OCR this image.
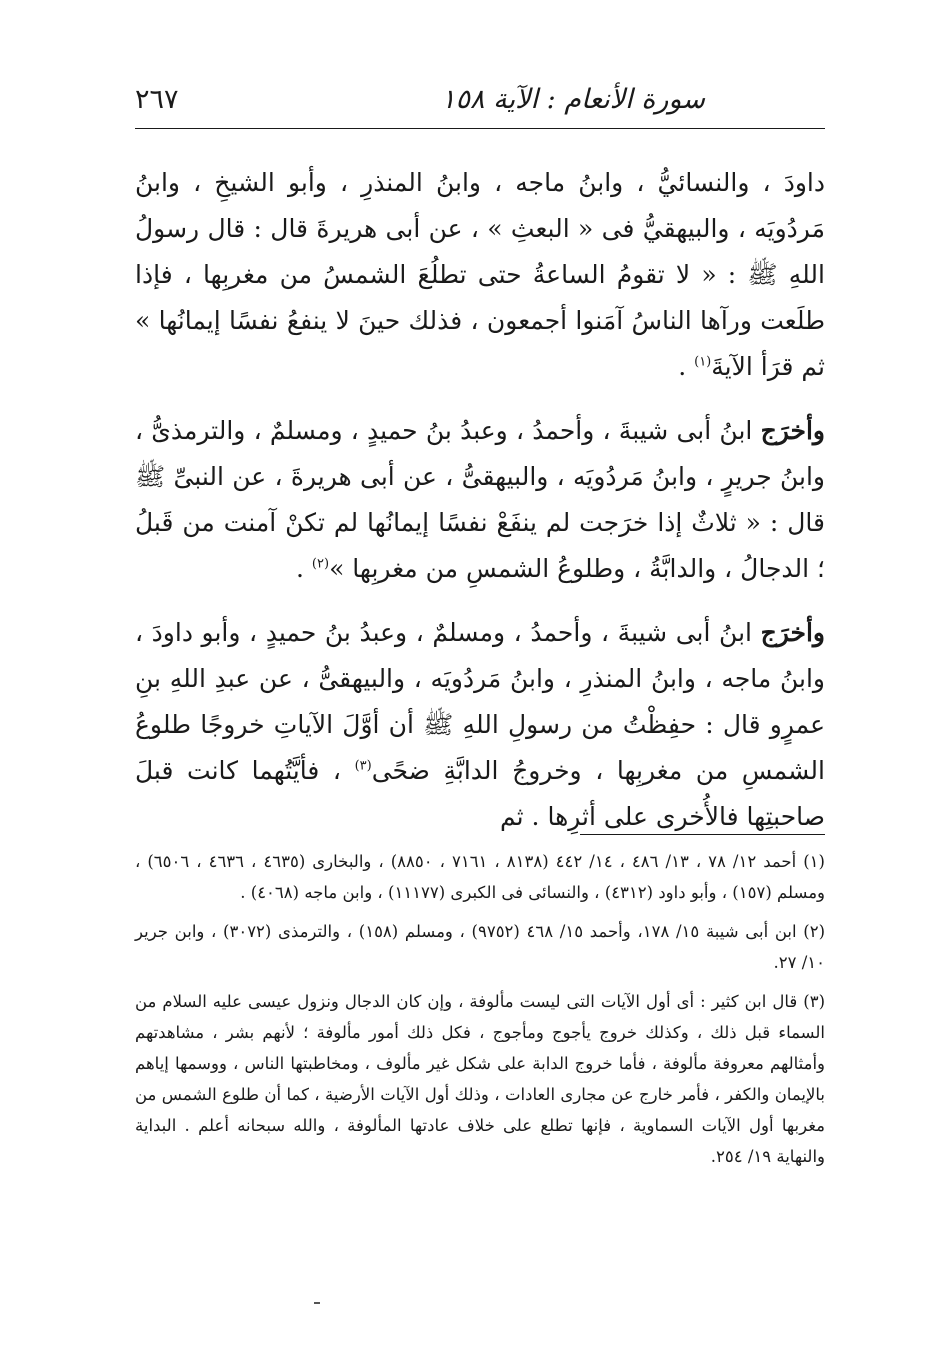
سورة الأنعام : الآية ١٥٨
٢٦٧

داودَ ، والنسائيُّ ، وابنُ ماجه ، وابنُ المنذرِ ، وأبو الشيخِ ، وابنُ مَردُويَه ، والبيهقيُّ فى « البعثِ » ، عن أبى هريرةَ قال : قال رسولُ اللهِ ﷺ : « لا تقومُ الساعةُ حتى تطلُعَ الشمسُ من مغربِها ، فإذا طلَعت ورآها الناسُ آمَنوا أجمعون ، فذلك حينَ لا ينفعُ نفسًا إيمانُها » ثم قرَأ الآيةَ$^{(١)}$ .

وأخرَج ابنُ أبى شيبةَ ، وأحمدُ ، وعبدُ بنُ حميدٍ ، ومسلمٌ ، والترمذىُّ ، وابنُ جريرٍ ، وابنُ مَردُويَه ، والبيهقىُّ ، عن أبى هريرةَ ، عن النبىِّ ﷺ قال : « ثلاثٌ إذا خرَجت لم ينفَعْ نفسًا إيمانُها لم تكنْ آمنت من قَبلُ ؛ الدجالُ ، والدابَّةُ ، وطلوعُ الشمسِ من مغربِها »$^{(٢)}$ .

وأخرَج ابنُ أبى شيبةَ ، وأحمدُ ، ومسلمٌ ، وعبدُ بنُ حميدٍ ، وأبو داودَ ، وابنُ ماجه ، وابنُ المنذرِ ، وابنُ مَردُويَه ، والبيهقىُّ ، عن عبدِ اللهِ بنِ عمرٍو قال : حفِظْتُ من رسولِ اللهِ ﷺ أن أوَّلَ الآياتِ خروجًا طلوعُ الشمسِ من مغربِها ، وخروجُ الدابَّةِ ضحًى$^{(٣)}$ ، فأيَّتُهما كانت قبلَ صاحبتِها فالأُخرى على أثرِها . ثم

(١) أحمد ١٢/ ٧٨ ، ١٣/ ٤٨٦ ، ١٤/ ٤٤٢ (٨١٣٨ ، ٧١٦١ ، ٨٨٥٠) ، والبخارى (٤٦٣٥ ، ٤٦٣٦ ، ٦٥٠٦) ، ومسلم (١٥٧) ، وأبو داود (٤٣١٢) ، والنسائى فى الكبرى (١١١٧٧) ، وابن ماجه (٤٠٦٨) .

(٢) ابن أبى شيبة ١٥/ ١٧٨، وأحمد ١٥/ ٤٦٨ (٩٧٥٢) ، ومسلم (١٥٨) ، والترمذى (٣٠٧٢) ، وابن جرير ١٠/ ٢٧.

(٣) قال ابن كثير : أى أول الآيات التى ليست مألوفة ، وإن كان الدجال ونزول عيسى عليه السلام من السماء قبل ذلك ، وكذلك خروج يأجوج ومأجوج ، فكل ذلك أمور مألوفة ؛ لأنهم بشر ، مشاهدتهم وأمثالهم معروفة مألوفة ، فأما خروج الدابة على شكل غير مألوف ، ومخاطبتها الناس ، ووسمها إياهم بالإيمان والكفر ، فأمر خارج عن مجارى العادات ، وذلك أول الآيات الأرضية ، كما أن طلوع الشمس من مغربها أول الآيات السماوية ، فإنها تطلع على خلاف عادتها المألوفة ، والله سبحانه أعلم . البداية والنهاية ١٩/ ٢٥٤.
